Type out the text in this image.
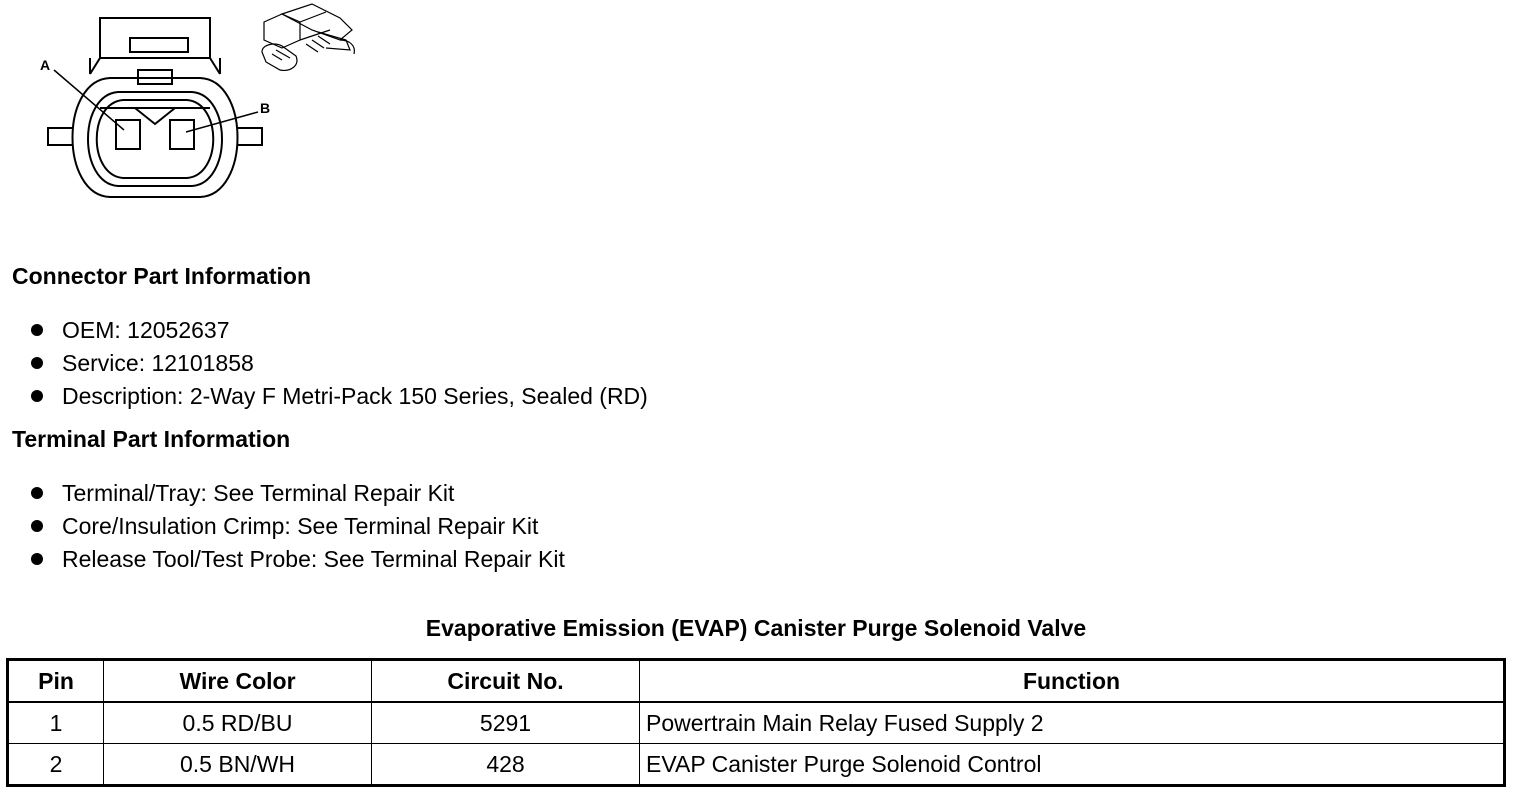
A
B
Connector Part Information
OEM: 12052637
Service: 12101858
Description: 2-Way F Metri-Pack 150 Series, Sealed (RD)
Terminal Part Information
Terminal/Tray: See Terminal Repair Kit
Core/Insulation Crimp: See Terminal Repair Kit
Release Tool/Test Probe: See Terminal Repair Kit
Evaporative Emission (EVAP) Canister Purge Solenoid Valve
Pin	Wire Color	Circuit No.	Function
1	0.5 RD/BU	5291	Powertrain Main Relay Fused Supply 2
2	0.5 BN/WH	428	EVAP Canister Purge Solenoid Control
